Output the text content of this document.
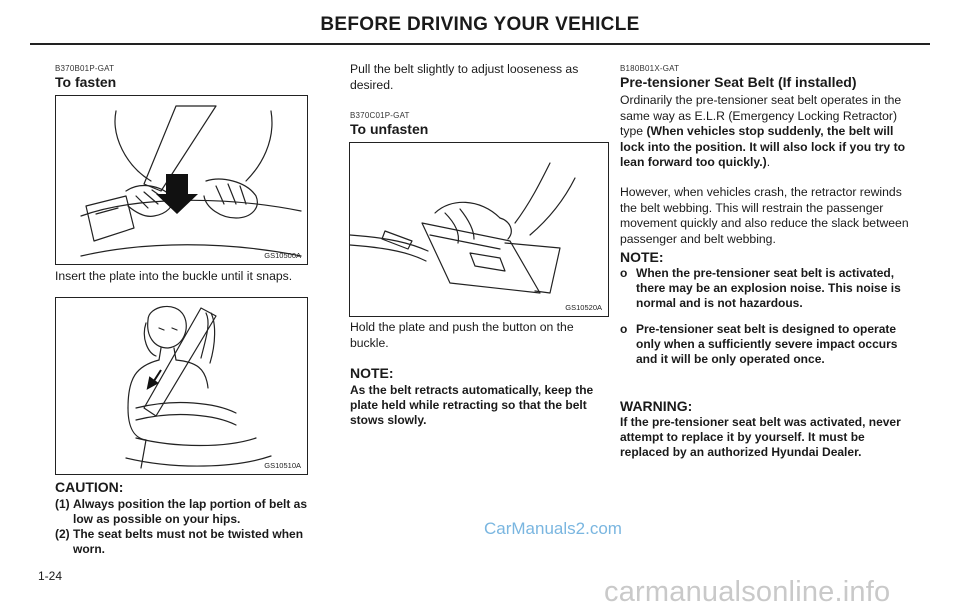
BEFORE DRIVING YOUR VEHICLE
B370B01P-GAT
To fasten
GS10500A
Insert the plate into the buckle until it snaps.
GS10510A
CAUTION:
(1) Always position the lap portion of belt as low as possible on your hips.
(2) The seat belts must not be twisted when worn.
1-24
Pull the belt slightly to adjust looseness as desired.
B370C01P-GAT
To unfasten
GS10520A
Hold the plate and push the button on the buckle.
NOTE:
As the belt retracts automatically, keep the plate held while retracting so that the belt stows slowly.
B180B01X-GAT
Pre-tensioner Seat Belt (If installed)
Ordinarily the pre-tensioner seat belt operates in the same way as E.L.R (Emergency Locking Retractor) type (When vehicles stop suddenly, the belt will lock into the position. It will also lock if you try to lean forward too quickly.).
However, when vehicles crash, the retractor rewinds the belt webbing. This will restrain the passenger movement quickly and also reduce the slack between passenger and belt webbing.
NOTE:
o When the pre-tensioner seat belt is activated, there may be an explosion noise. This noise is normal and is not hazardous.
o Pre-tensioner seat belt is designed to operate only when a sufficiently severe impact occurs and it will be only operated once.
WARNING:
If the pre-tensioner seat belt was activated, never attempt to replace it by yourself. It must be replaced by an authorized Hyundai Dealer.
CarManuals2.com
carmanualsonline.info
